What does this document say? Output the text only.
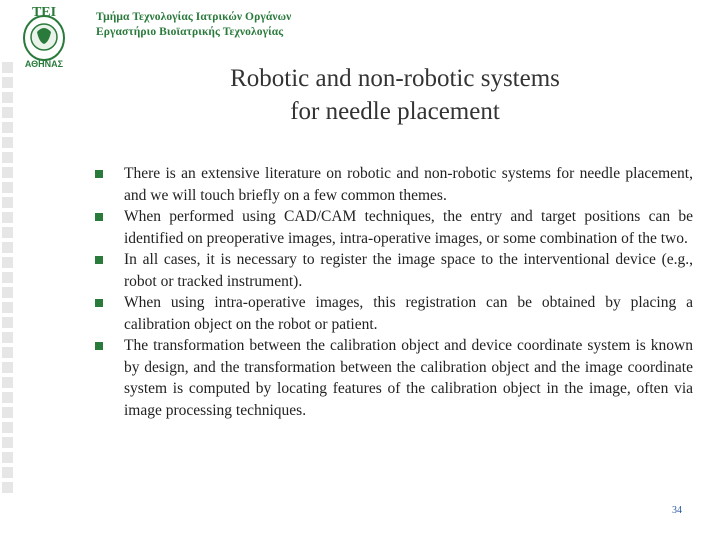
ΤΕΙ
ΑΘΗΝΑΣ
Τμήμα Τεχνολογίας Ιατρικών Οργάνων
Εργαστήριο Βιοϊατρικής Τεχνολογίας
Robotic and non-robotic systems
for needle placement
There is an extensive literature on robotic and non-robotic systems for needle placement, and we will touch briefly on a few common themes.
When performed using CAD/CAM techniques, the entry and target positions can be identified on preoperative images, intra-operative images, or some combination of the two.
In all cases, it is necessary to register the image space to the interventional device (e.g., robot or tracked instrument).
When using intra-operative images, this registration can be obtained by placing a calibration object on the robot or patient.
The transformation between the calibration object and device coordinate system is known by design, and the transformation between the calibration object and the image coordinate system is computed by locating features of the calibration object in the image, often via image processing techniques.
34
